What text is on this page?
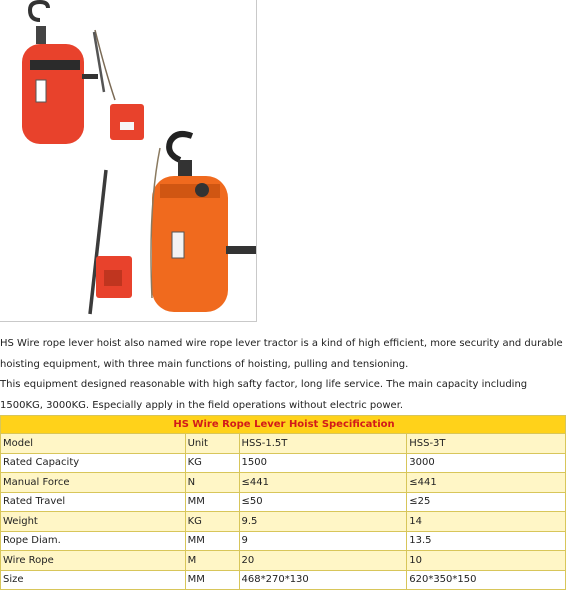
HS Wire rope lever hoist also named wire rope lever tractor is a kind of high efficient, more security and durable

hoisting equipment, with three main functions of hoisting, pulling and tensioning.

This equipment designed reasonable with high safty factor, long life service. The main capacity including

1500KG, 3000KG. Especially apply in the field operations without electric power.

HS Wire Rope Lever Hoist Specification			
Model	Unit	HSS-1.5T	HSS-3T
Rated Capacity	KG	1500	3000
Manual Force	N	≤441	≤441
Rated Travel	MM	≤50	≤25
Weight	KG	9.5	14
Rope Diam.	MM	9	13.5
Wire Rope	M	20	10
Size	MM	468*270*130	620*350*150
